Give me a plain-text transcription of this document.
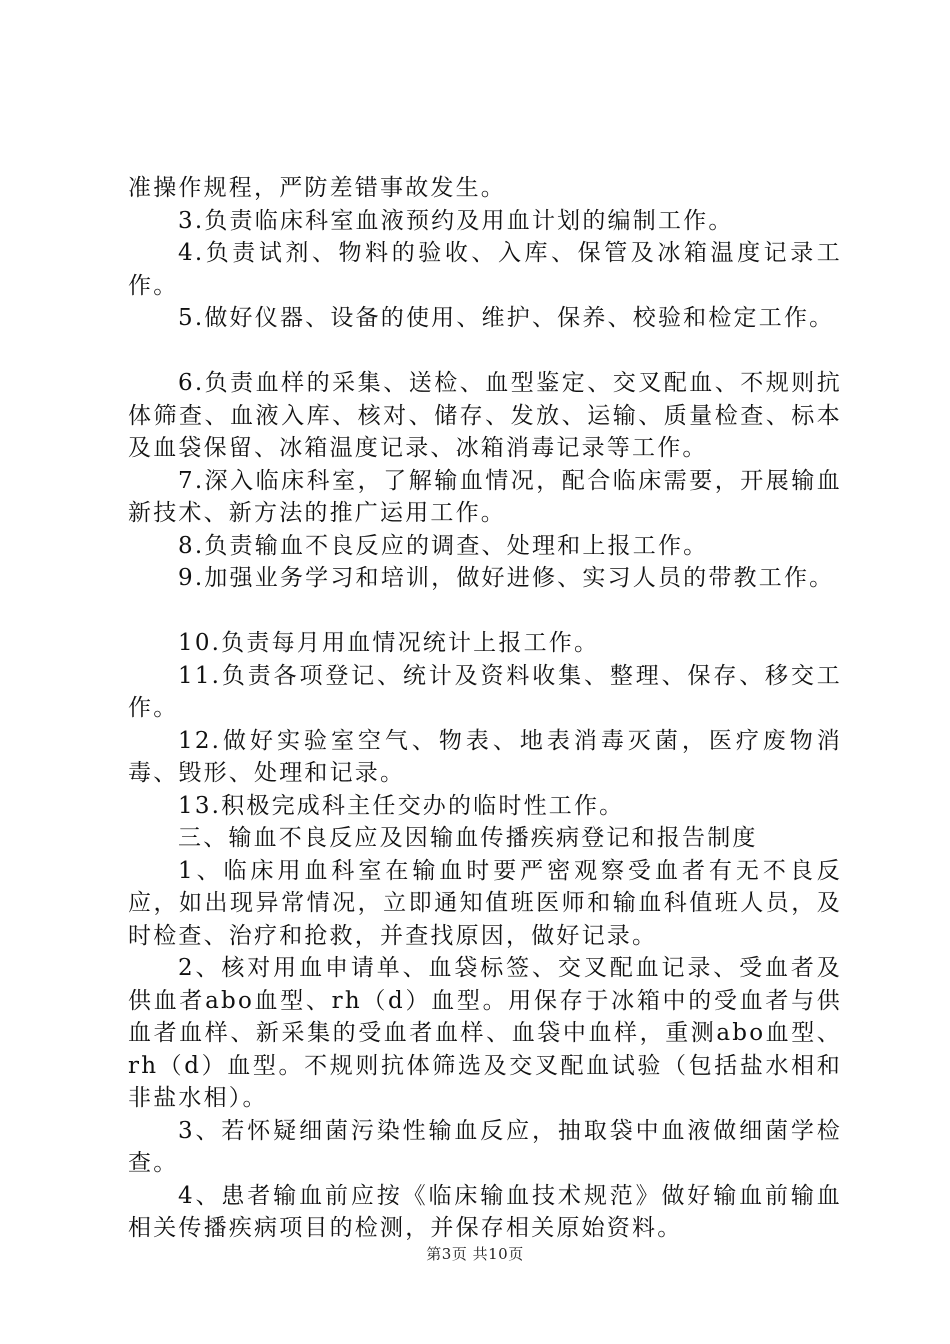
准操作规程，严防差错事故发生。

3.负责临床科室血液预约及用血计划的编制工作。

4.负责试剂、物料的验收、入库、保管及冰箱温度记录工作。

5.做好仪器、设备的使用、维护、保养、校验和检定工作。

6.负责血样的采集、送检、血型鉴定、交叉配血、不规则抗体筛查、血液入库、核对、储存、发放、运输、质量检查、标本及血袋保留、冰箱温度记录、冰箱消毒记录等工作。

7.深入临床科室，了解输血情况，配合临床需要，开展输血新技术、新方法的推广运用工作。

8.负责输血不良反应的调查、处理和上报工作。

9.加强业务学习和培训，做好进修、实习人员的带教工作。

10.负责每月用血情况统计上报工作。

11.负责各项登记、统计及资料收集、整理、保存、移交工作。

12.做好实验室空气、物表、地表消毒灭菌，医疗废物消毒、毁形、处理和记录。

13.积极完成科主任交办的临时性工作。

三、输血不良反应及因输血传播疾病登记和报告制度

1、临床用血科室在输血时要严密观察受血者有无不良反应，如出现异常情况，立即通知值班医师和输血科值班人员，及时检查、治疗和抢救，并查找原因，做好记录。

2、核对用血申请单、血袋标签、交叉配血记录、受血者及供血者abo血型、rh（d）血型。用保存于冰箱中的受血者与供血者血样、新采集的受血者血样、血袋中血样，重测abo血型、rh（d）血型。不规则抗体筛选及交叉配血试验（包括盐水相和非盐水相）。

3、若怀疑细菌污染性输血反应，抽取袋中血液做细菌学检查。

4、患者输血前应按《临床输血技术规范》做好输血前输血相关传播疾病项目的检测，并保存相关原始资料。

第3页 共10页
